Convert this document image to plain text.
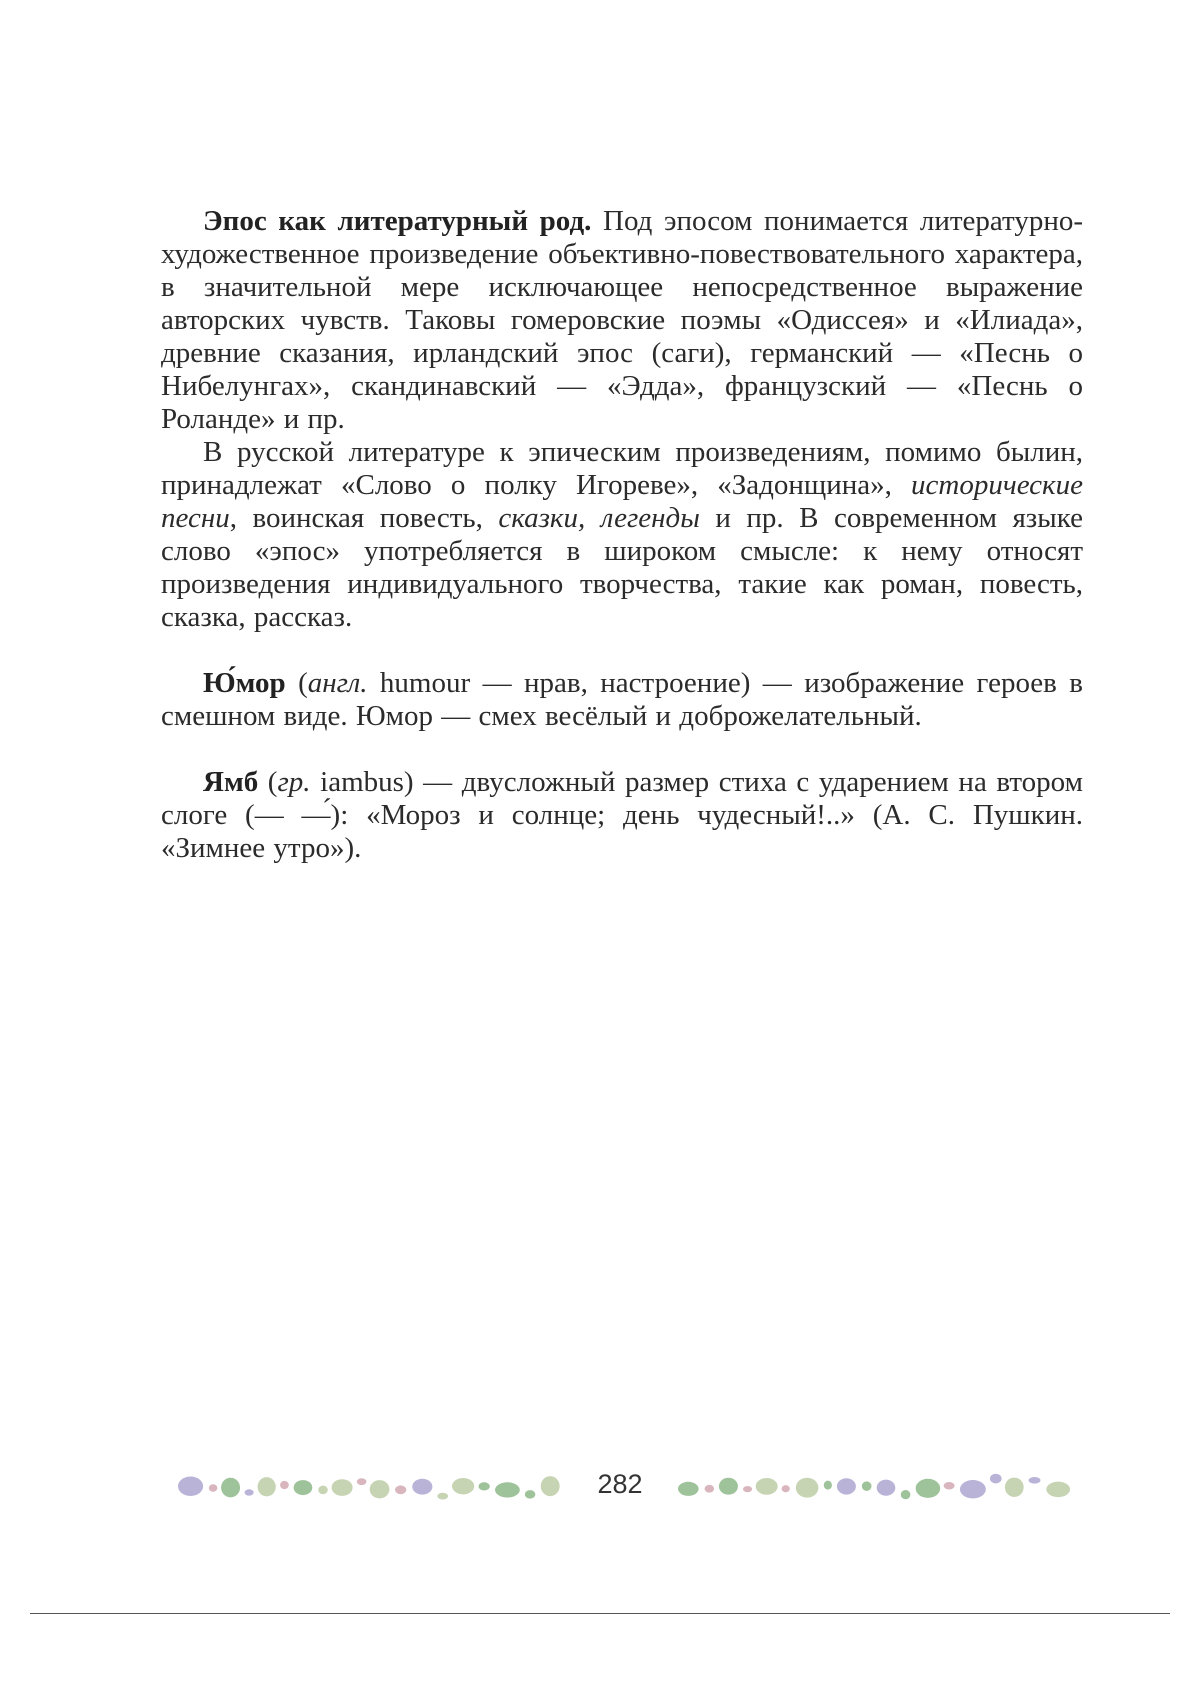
Эпос как литературный род. Под эпосом понимается литературно-художественное произведение объективно-повествовательного характера, в значительной мере исключающее непосредственное выражение авторских чувств. Таковы гомеровские поэмы «Одиссея» и «Илиада», древние сказания, ирландский эпос (саги), германский — «Песнь о Нибелунгах», скандинавский — «Эдда», французский — «Песнь о Роланде» и пр.

В русской литературе к эпическим произведениям, помимо былин, принадлежат «Слово о полку Игореве», «Задонщина», исторические песни, воинская повесть, сказки, легенды и пр. В современном языке слово «эпос» употребляется в широком смысле: к нему относят произведения индивидуального творчества, такие как роман, повесть, сказка, рассказ.

Ю́мор (англ. humour — нрав, настроение) — изображение героев в смешном виде. Юмор — смех весёлый и доброжелательный.

Ямб (гр. iambus) — двусложный размер стиха с ударением на втором слоге (— —́): «Мороз и солнце; день чудесный!..» (А. С. Пушкин. «Зимнее утро»).

282
